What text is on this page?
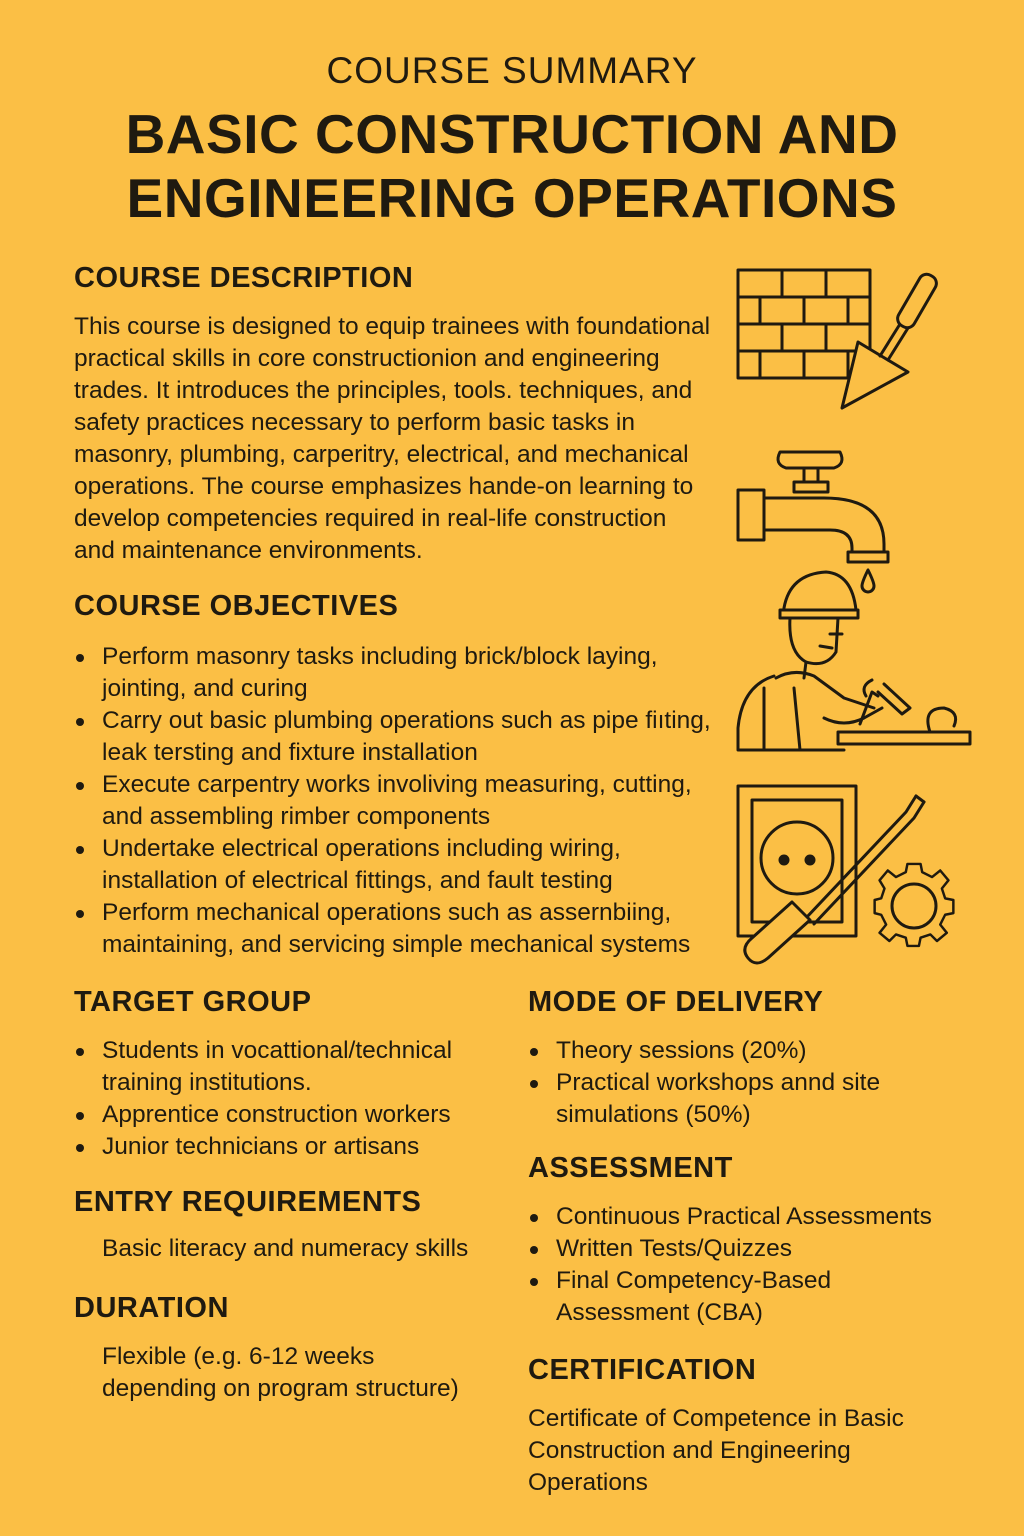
COURSE SUMMARY
BASIC CONSTRUCTION AND ENGINEERING OPERATIONS
COURSE DESCRIPTION
This course is designed to equip trainees with foundational practical skills in core constructionion and engineering trades. It introduces the principles, tools. techniques, and safety practices necessary to perform basic tasks in masonry, plumbing, carperitry, electrical, and mechanical operations. The course emphasizes hande-on learning to develop competencies required in real-life construction and maintenance environments.
COURSE OBJECTIVES
Perform masonry tasks including brick/block laying, jointing, and curing
Carry out basic plumbing operations such as pipe fiıting, leak tersting and fixture installation
Execute carpentry works involiving measuring, cutting, and assembling rimber components
Undertake electrical operations including wiring, installation of electrical fittings, and fault testing
Perform mechanical operations such as assernbiing, maintaining, and servicing simple mechanical systems
TARGET GROUP
Students in vocattional/technical training institutions.
Apprentice construction workers
Junior technicians or artisans
ENTRY REQUIREMENTS
Basic literacy and numeracy skills
DURATION
Flexible (e.g. 6-12 weeks depending on program structure)
MODE OF DELIVERY
Theory sessions (20%)
Practical workshops annd site simulations (50%)
ASSESSMENT
Continuous Practical Assessments
Written Tests/Quizzes
Final Competency-Based Assessment (CBA)
CERTIFICATION
Certificate of Competence in Basic Construction and Engineering Operations
